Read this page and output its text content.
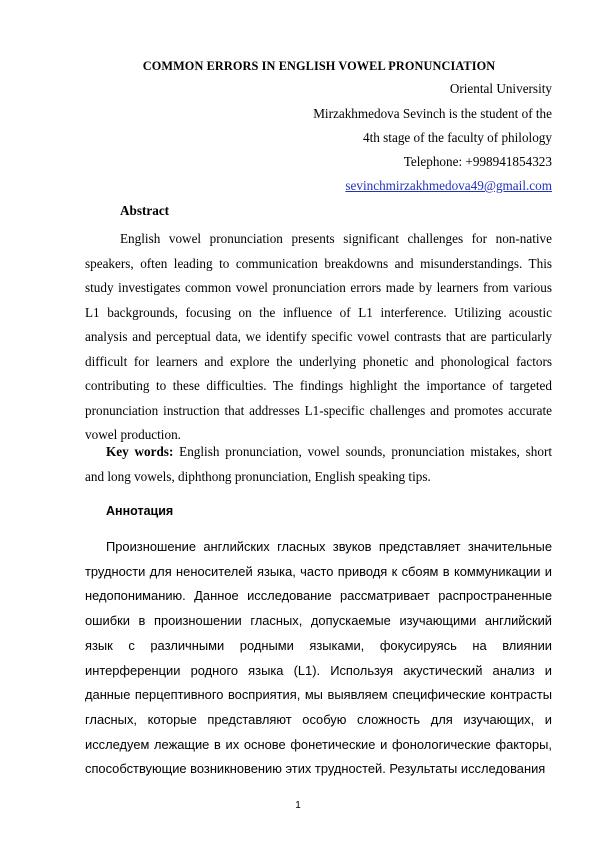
COMMON ERRORS IN ENGLISH VOWEL PRONUNCIATION
Oriental University
Mirzakhmedova Sevinch is the student of the
4th stage of the faculty of philology
Telephone: +998941854323
sevinchmirzakhmedova49@gmail.com
Abstract

English vowel pronunciation presents significant challenges for non-native speakers, often leading to communication breakdowns and misunderstandings. This study investigates common vowel pronunciation errors made by learners from various L1 backgrounds, focusing on the influence of L1 interference. Utilizing acoustic analysis and perceptual data, we identify specific vowel contrasts that are particularly difficult for learners and explore the underlying phonetic and phonological factors contributing to these difficulties. The findings highlight the importance of targeted pronunciation instruction that addresses L1-specific challenges and promotes accurate vowel production.

Key words: English pronunciation, vowel sounds, pronunciation mistakes, short and long vowels, diphthong pronunciation, English speaking tips.

Аннотация

Произношение английских гласных звуков представляет значительные трудности для неносителей языка, часто приводя к сбоям в коммуникации и недопониманию. Данное исследование рассматривает распространенные ошибки в произношении гласных, допускаемые изучающими английский язык с различными родными языками, фокусируясь на влиянии интерференции родного языка (L1). Используя акустический анализ и данные перцептивного восприятия, мы выявляем специфические контрасты гласных, которые представляют особую сложность для изучающих, и исследуем лежащие в их основе фонетические и фонологические факторы, способствующие возникновению этих трудностей. Результаты исследования

1
